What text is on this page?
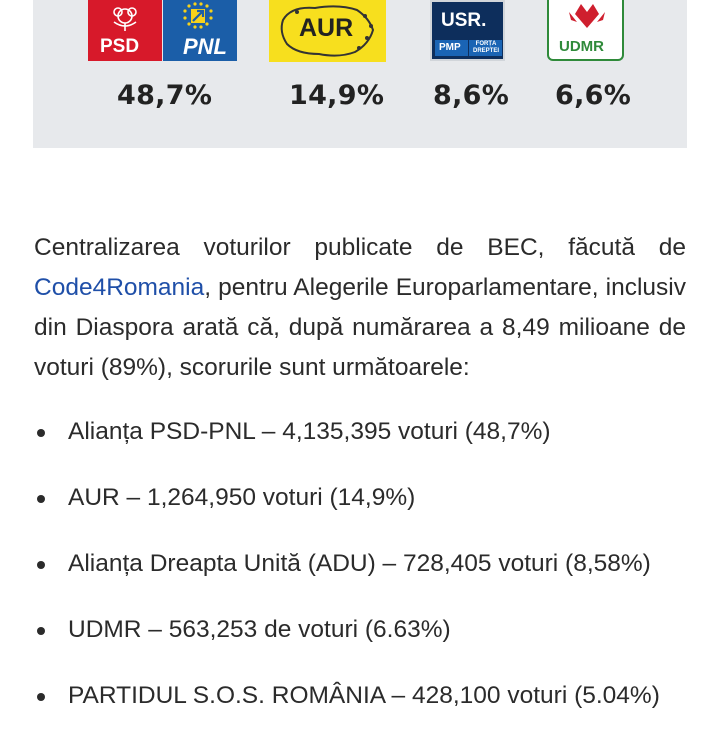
PSD PNL
AUR	USR.
PMP	FORȚA DREPTEI	UDMR
48,7%	14,9% 8,6% 6,6%

Centralizarea voturilor publicate de BEC, făcută de Code4Romania, pentru Alegerile Europarlamentare, inclusiv din Diaspora arată că, după numărarea a 8,49 milioane de voturi (89%), scorurile sunt următoarele:

Alianța PSD-PNL – 4,135,395 voturi (48,7%)
AUR – 1,264,950 voturi (14,9%)
Alianța Dreapta Unită (ADU) – 728,405 voturi (8,58%)
UDMR – 563,253 de voturi (6.63%)
PARTIDUL S.O.S. ROMÂNIA – 428,100 voturi (5.04%)
